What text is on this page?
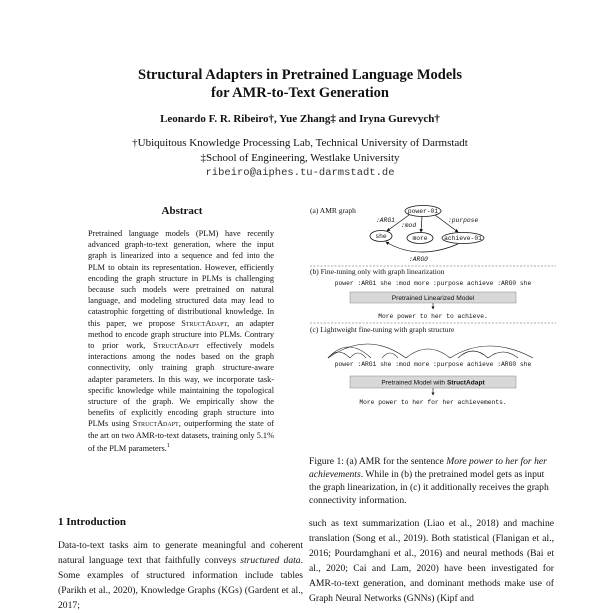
Structural Adapters in Pretrained Language Models
for AMR-to-Text Generation
Leonardo F. R. Ribeiro†, Yue Zhang‡ and Iryna Gurevych†
†Ubiquitous Knowledge Processing Lab, Technical University of Darmstadt
‡School of Engineering, Westlake University
ribeiro@aiphes.tu-darmstadt.de
Abstract

Pretrained language models (PLM) have recently advanced graph-to-text generation, where the input graph is linearized into a sequence and fed into the PLM to obtain its representation. However, efficiently encoding the graph structure in PLMs is challenging because such models were pretrained on natural language, and modeling structured data may lead to catastrophic forgetting of distributional knowledge. In this paper, we propose StructAdapt, an adapter method to encode graph structure into PLMs. Contrary to prior work, StructAdapt effectively models interactions among the nodes based on the graph connectivity, only training graph structure-aware adapter parameters. In this way, we incorporate task-specific knowledge while maintaining the topological structure of the graph. We empirically show the benefits of explicitly encoding graph structure into PLMs using StructAdapt, outperforming the state of the art on two AMR-to-text datasets, training only 5.1% of the PLM parameters.$^1$

1 Introduction

Data-to-text tasks aim to generate meaningful and coherent natural language text that faithfully conveys structured data. Some examples of structured information include tables (Parikh et al., 2020), Knowledge Graphs (KGs) (Gardent et al., 2017;

(a) AMR graph	power-01
she	more	achieve-01
:ARG1
:mod
:purpose
:ARG0
(b) Fine-tuning only with graph linearization
power :ARG1 she :mod more :purpose achieve :ARG0 she
Pretrained Linearized Model
More power to her to achieve.
(c) Lightweight fine-tuning with graph structure
power :ARG1 she :mod more :purpose achieve :ARG0 she
Pretrained Model with StructAdapt
More power to her for her achievements.

Figure 1: (a) AMR for the sentence More power to her for her achievements. While in (b) the pretrained model gets as input the graph linearization, in (c) it additionally receives the graph connectivity information.

such as text summarization (Liao et al., 2018) and machine translation (Song et al., 2019). Both statistical (Flanigan et al., 2016; Pourdamghani et al., 2016) and neural methods (Bai et al., 2020; Cai and Lam, 2020) have been investigated for AMR-to-text generation, and dominant methods make use of Graph Neural Networks (GNNs) (Kipf and
